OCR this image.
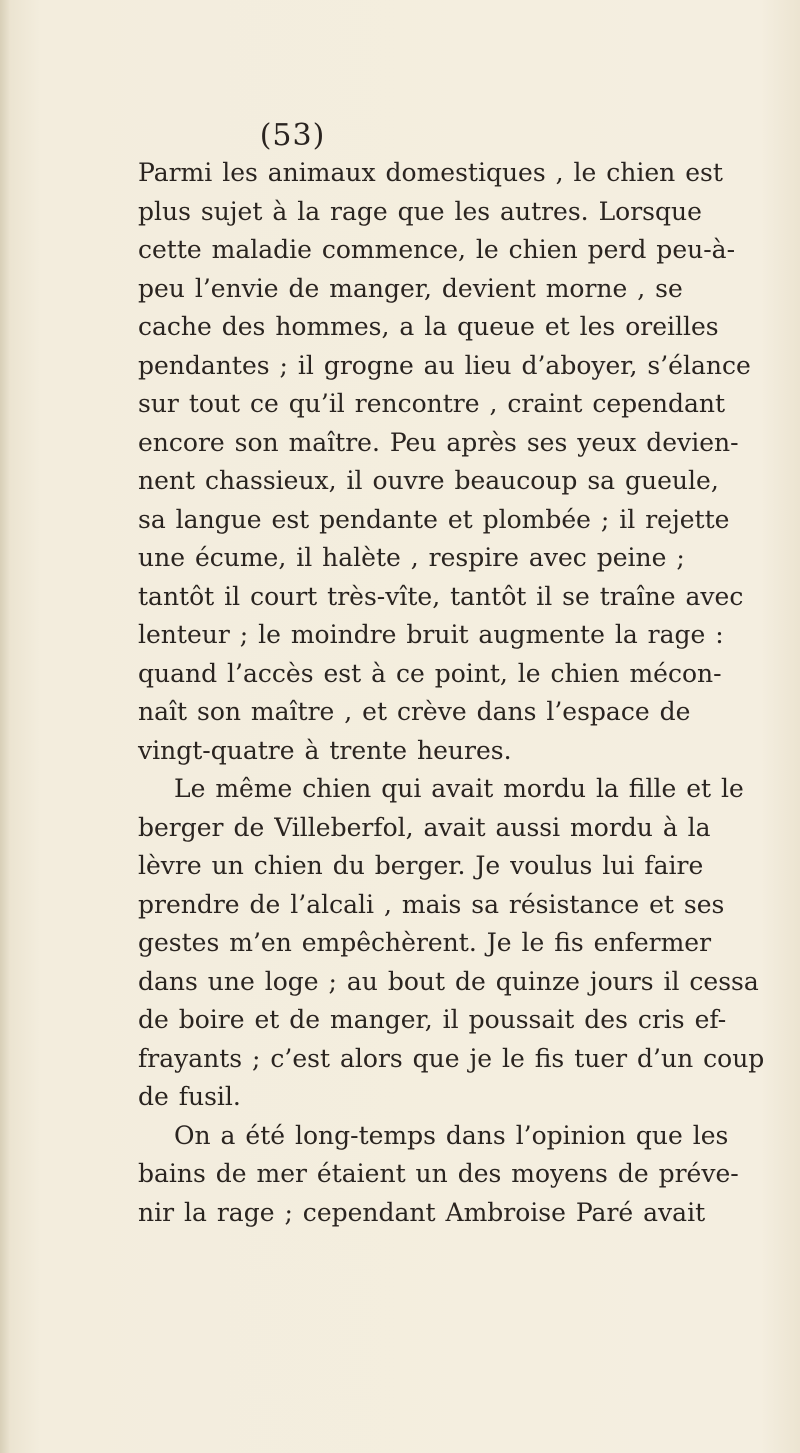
(53)
Parmi les animaux domestiques , le chien est
plus sujet à la rage que les autres. Lorsque
cette maladie commence, le chien perd peu-à-
peu l’envie de manger, devient morne , se
cache des hommes, a la queue et les oreilles
pendantes ; il grogne au lieu d’aboyer, s’élance
sur tout ce qu’il rencontre , craint cependant
encore son maître. Peu après ses yeux devien-
nent chassieux, il ouvre beaucoup sa gueule,
sa langue est pendante et plombée ; il rejette
une écume, il halète , respire avec peine ;
tantôt il court très-vîte, tantôt il se traîne avec
lenteur ; le moindre bruit augmente la rage :
quand l’accès est à ce point, le chien mécon-
naît son maître , et crève dans l’espace de
vingt-quatre à trente heures.
Le même chien qui avait mordu la fille et le
berger de Villeberfol, avait aussi mordu à la
lèvre un chien du berger. Je voulus lui faire
prendre de l’alcali , mais sa résistance et ses
gestes m’en empêchèrent. Je le fis enfermer
dans une loge ; au bout de quinze jours il cessa
de boire et de manger, il poussait des cris ef-
frayants ; c’est alors que je le fis tuer d’un coup
de fusil.
On a été long-temps dans l’opinion que les
bains de mer étaient un des moyens de préve-
nir la rage ; cependant Ambroise Paré avait
